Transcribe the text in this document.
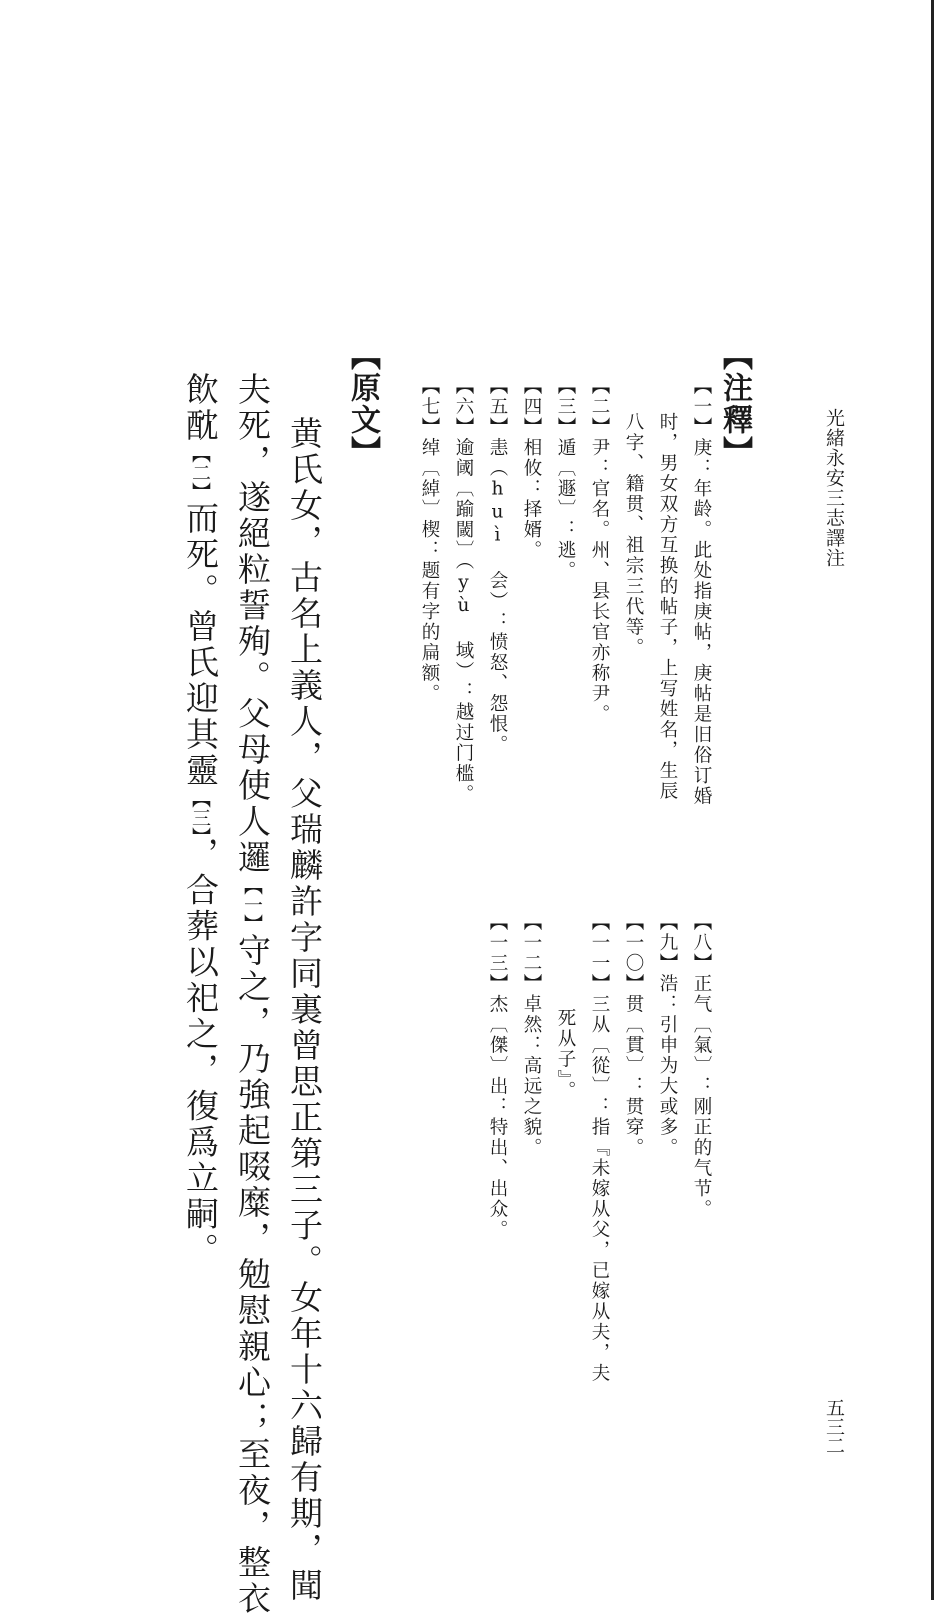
光緒永安三志譯注
五三二
【注釋】
【一】庚：年龄。此处指庚帖，庚帖是旧俗订婚
时，男女双方互换的帖子，上写姓名，生辰
八字、籍贯、祖宗三代等。
【二】尹：官名。州、县长官亦称尹。
【三】遁〔遯〕：逃。
【四】相攸：择婿。
【五】恚（huì 会）：愤怒、怨恨。
【六】逾阈〔踰閾〕（yù 域）：越过门槛。
【七】绰〔綽〕楔：题有字的扁额。
【八】正气〔氣〕：刚正的气节。
【九】浩：引申为大或多。
【一〇】贯〔貫〕：贯穿。
【一一】三从〔從〕：指『未嫁从父，已嫁从夫，夫
死从子』。
【一二】卓然：高远之貌。
【一三】杰〔傑〕出：特出、出众。
【原文】
黄氏女，古名上義人，父瑞麟許字同裏曾思正第三子。女年十六歸有期，聞
夫死，遂絕粒誓殉。父母使人邏【一】守之，乃強起啜糜，勉慰親心；至夜，整衣
飲酖【二】而死。曾氏迎其靈【三】，合葬以祀之，復爲立嗣。
